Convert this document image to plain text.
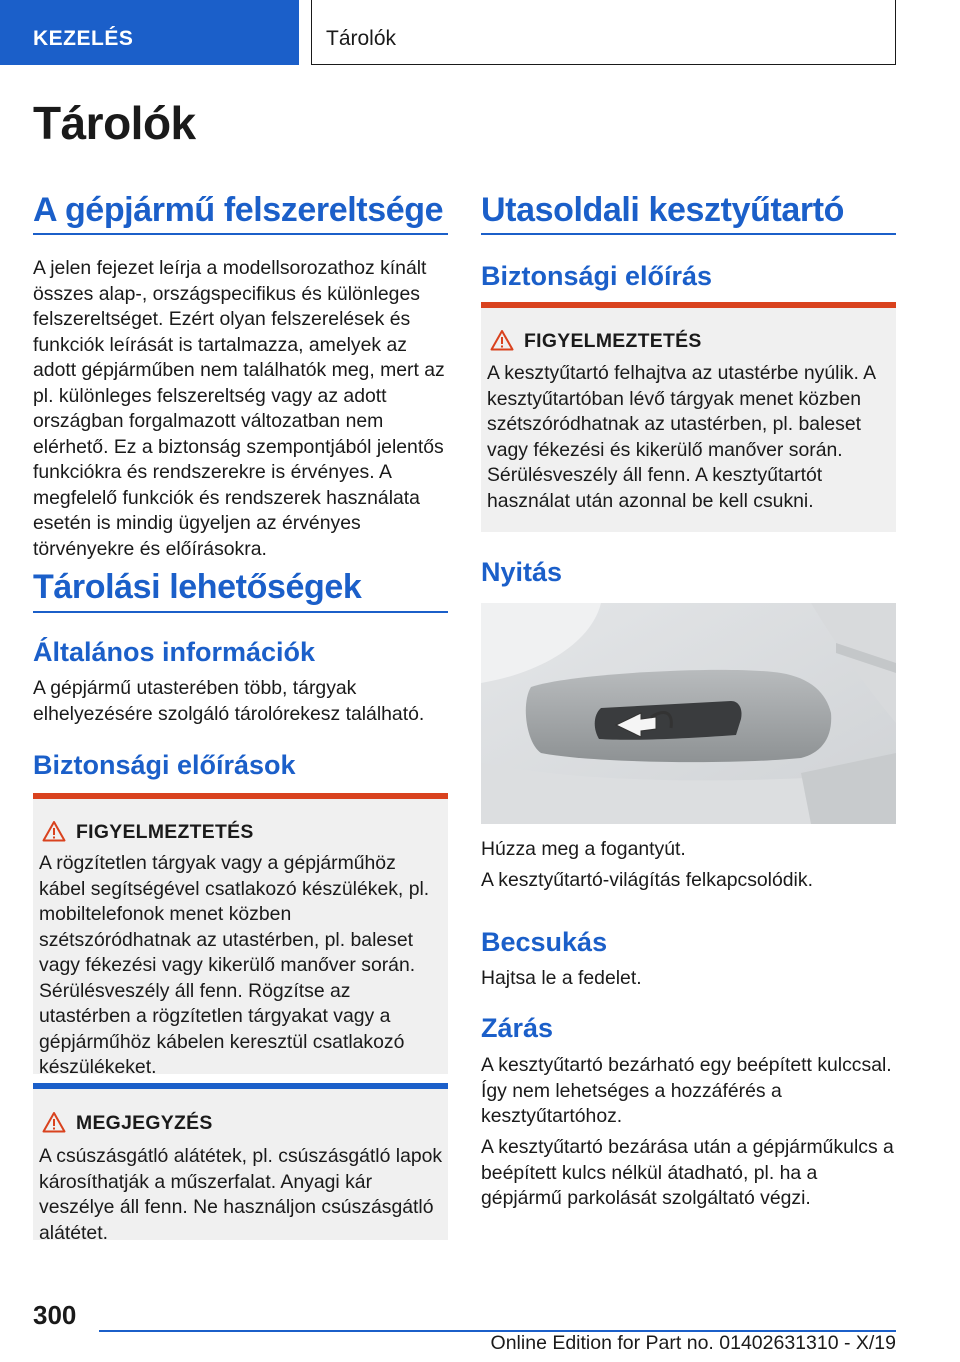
KEZELÉS	Tárolók
Tárolók
A gépjármű felszereltsége

A jelen fejezet leírja a modellsorozathoz kínált összes alap-, országspecifikus és különleges felszereltséget. Ezért olyan felszerelések és funkciók leírását is tartalmazza, amelyek az adott gépjárműben nem találhatók meg, mert az pl. különleges felszereltség vagy az adott országban forgalmazott változatban nem elérhető. Ez a biztonság szempontjából jelentős funkciókra és rendszerekre is érvényes. A megfelelő funkciók és rendszerek használata esetén is mindig ügyeljen az érvényes törvényekre és előírásokra.

Tárolási lehetőségek
Általános információk

A gépjármű utasterében több, tárgyak elhelyezésére szolgáló tárolórekesz található.

Biztonsági előírások
FIGYELMEZTETÉS

A rögzítetlen tárgyak vagy a gépjárműhöz kábel segítségével csatlakozó készülékek, pl. mobiltelefonok menet közben szétszóródhatnak az utastérben, pl. baleset vagy fékezési vagy kikerülő manőver során. Sérülésveszély áll fenn. Rögzítse az utastérben a rögzítetlen tárgyakat vagy a gépjárműhöz kábelen keresztül csatlakozó készülékeket.

MEGJEGYZÉS

A csúszásgátló alátétek, pl. csúszásgátló lapok károsíthatják a műszerfalat. Anyagi kár veszélye áll fenn. Ne használjon csúszásgátló alátétet.

Utasoldali kesztyűtartó
Biztonsági előírás
FIGYELMEZTETÉS

A kesztyűtartó felhajtva az utastérbe nyúlik. A kesztyűtartóban lévő tárgyak menet közben szétszóródhatnak az utastérben, pl. baleset vagy fékezési és kikerülő manőver során. Sérülésveszély áll fenn. A kesztyűtartót használat után azonnal be kell csukni.

Nyitás

Húzza meg a fogantyút.

A kesztyűtartó-világítás felkapcsolódik.

Becsukás

Hajtsa le a fedelet.

Zárás

A kesztyűtartó bezárható egy beépített kulccsal. Így nem lehetséges a hozzáférés a kesztyűtartóhoz.

A kesztyűtartó bezárása után a gépjárműkulcs a beépített kulcs nélkül átadható, pl. ha a gépjármű parkolását szolgáltató végzi.

300
Online Edition for Part no. 01402631310 - X/19
